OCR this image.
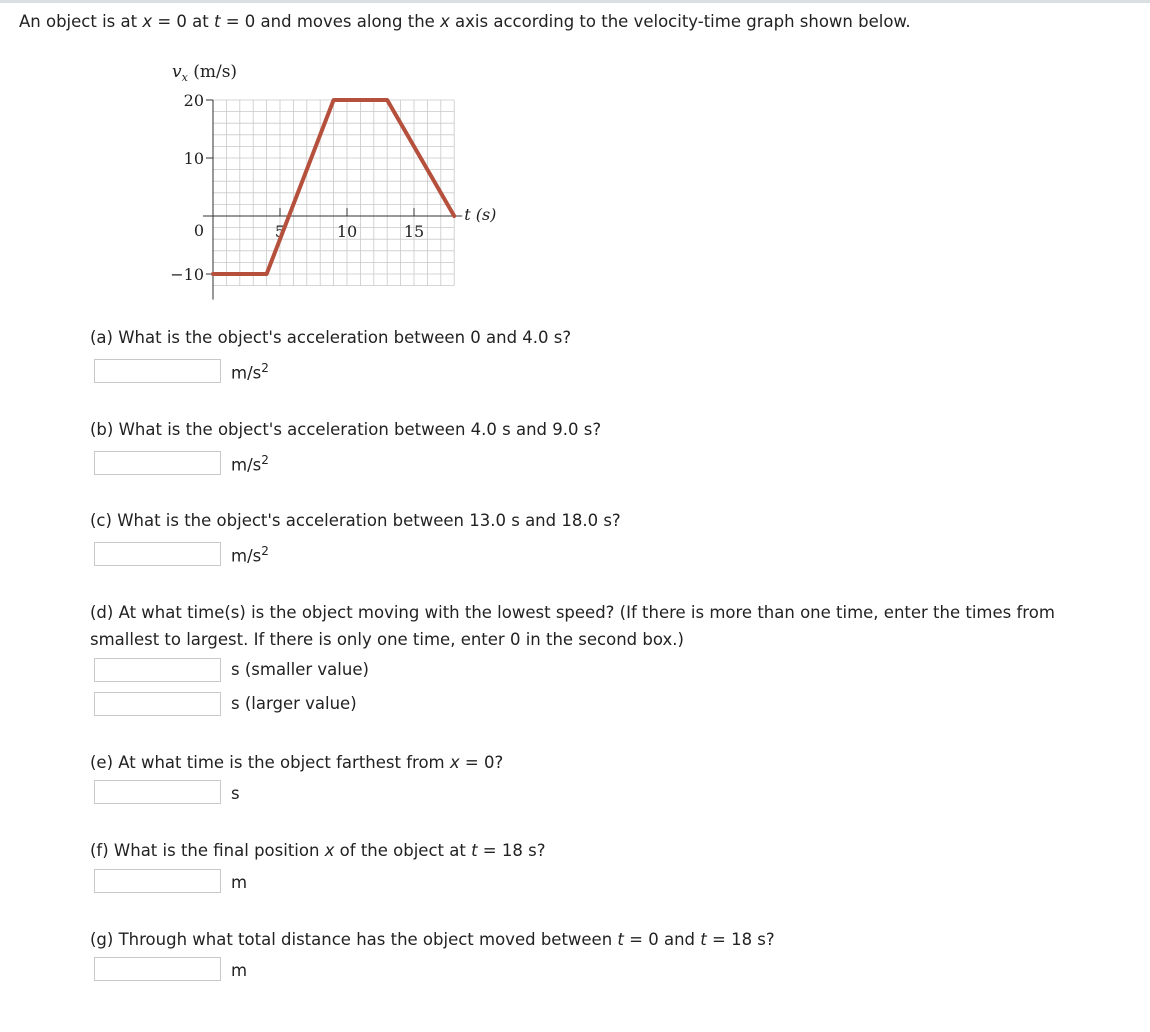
An object is at x = 0 at t = 0 and moves along the x axis according to the velocity-time graph shown below.
20
10
0
−10
5	10	15
$v_x$ (m/s)
t (s)
(a) What is the object's acceleration between 0 and 4.0 s?
$m/s^2$
(b) What is the object's acceleration between 4.0 s and 9.0 s?
$m/s^2$
(c) What is the object's acceleration between 13.0 s and 18.0 s?
$m/s^2$
(d) At what time(s) is the object moving with the lowest speed? (If there is more than one time, enter the times from smallest to largest. If there is only one time, enter 0 in the second box.)
s (smaller value)
s (larger value)
(e) At what time is the object farthest from x = 0?
s
(f) What is the final position x of the object at t = 18 s?
m
(g) Through what total distance has the object moved between t = 0 and t = 18 s?
m
